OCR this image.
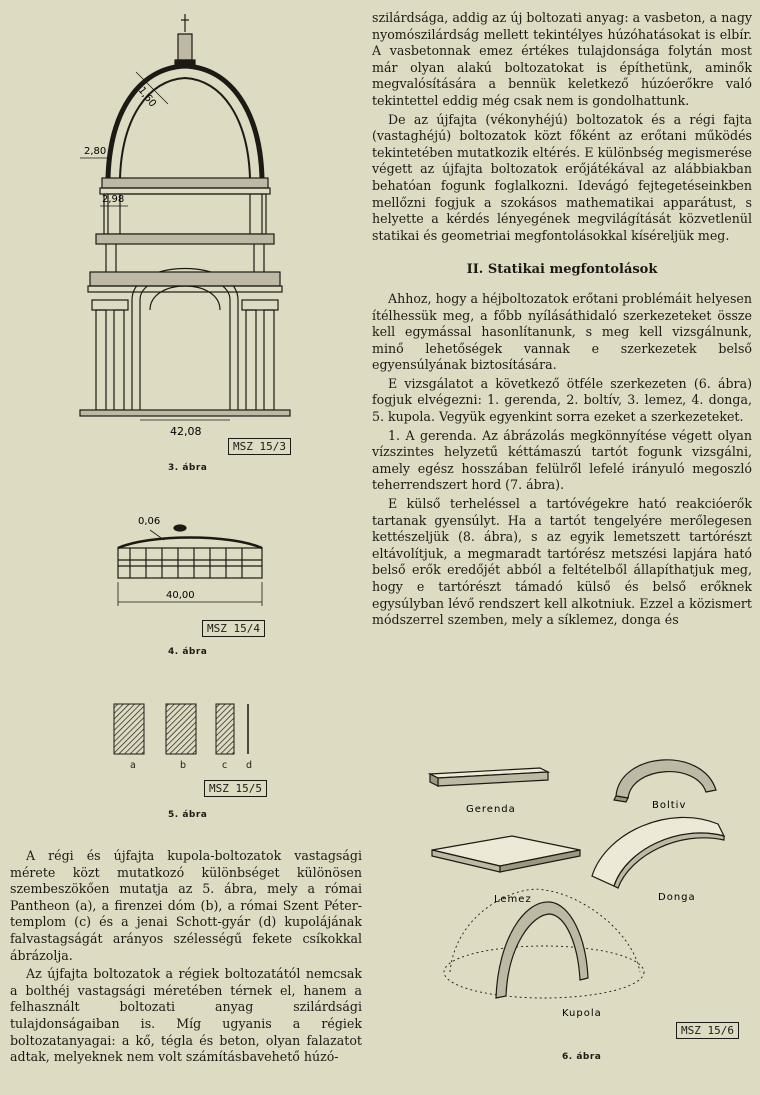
1,60
2,80
2,98
42,08
MSZ 15/3
3. ábra
0,06
40,00
MSZ 15/4
4. ábra
a	b	c d
MSZ 15/5
5. ábra

A régi és újfajta kupola-boltozatok vastagsági mérete közt mutatkozó különbséget különösen szembeszökően mutatja az 5. ábra, mely a római Pantheon (a), a firenzei dóm (b), a római Szent Péter-templom (c) és a jenai Schott-gyár (d) kupolájának falvastagságát arányos szélességű fekete csíkokkal ábrázolja.

Az újfajta boltozatok a régiek boltozatától nemcsak a bolthéj vastagsági méretében térnek el, hanem a felhasznált boltozati anyag szilárdsági tulajdonságaiban is. Míg ugyanis a régiek boltozatanyagai: a kő, tégla és beton, olyan falazatot adtak, melyeknek nem volt számításbavehető húzó-

szilárdsága, addig az új boltozati anyag: a vasbeton, a nagy nyomószilárdság mellett tekintélyes húzóhatásokat is elbír. A vasbetonnak emez értékes tulajdonsága folytán most már olyan alakú boltozatokat is építhetünk, aminők megvalósítására a bennük keletkező húzóerőkre való tekintettel eddig még csak nem is gondolhattunk.

De az újfajta (vékonyhéjú) boltozatok és a régi fajta (vastaghéjú) boltozatok közt főként az erőtani működés tekintetében mutatkozik eltérés. E különbség megismerése végett az újfajta boltozatok erőjátékával az alábbiakban behatóan fogunk foglalkozni. Idevágó fejtegetéseinkben mellőzni fogjuk a szokásos mathematikai apparátust, s helyette a kérdés lényegének megvilágítását közvetlenül statikai és geometriai megfontolásokkal kíséreljük meg.

II. Statikai megfontolások

Ahhoz, hogy a héjboltozatok erőtani problémáit helyesen ítélhessük meg, a főbb nyílásáthidaló szerkezeteket össze kell egymással hasonlítanunk, s meg kell vizsgálnunk, minő lehetőségek vannak e szerkezetek belső egyensúlyának biztosítására.

E vizsgálatot a következő ötféle szerkezeten (6. ábra) fogjuk elvégezni: 1. gerenda, 2. boltív, 3. lemez, 4. donga, 5. kupola. Vegyük egyenkint sorra ezeket a szerkezeteket.

1. A gerenda. Az ábrázolás megkönnyítése végett olyan vízszintes helyzetű kéttámaszú tartót fogunk vizsgálni, amely egész hosszában felülről lefelé irányuló megoszló teherrendszert hord (7. ábra).

E külső terheléssel a tartóvégekre ható reakcióerők tartanak gyensúlyt. Ha a tartót tengelyére merőlegesen kettészeljük (8. ábra), s az egyik lemetszett tartórészt eltávolítjuk, a megmaradt tartórész metszési lapjára ható belső erők eredőjét abból a feltételből állapíthatjuk meg, hogy e tartórészt támadó külső és belső erőknek egysúlyban lévő rendszert kell alkotniuk. Ezzel a közismert módszerrel szemben, mely a síklemez, donga és

Gerenda	Boltiv
Lemez	Donga
Kupola
MSZ 15/6
6. ábra
